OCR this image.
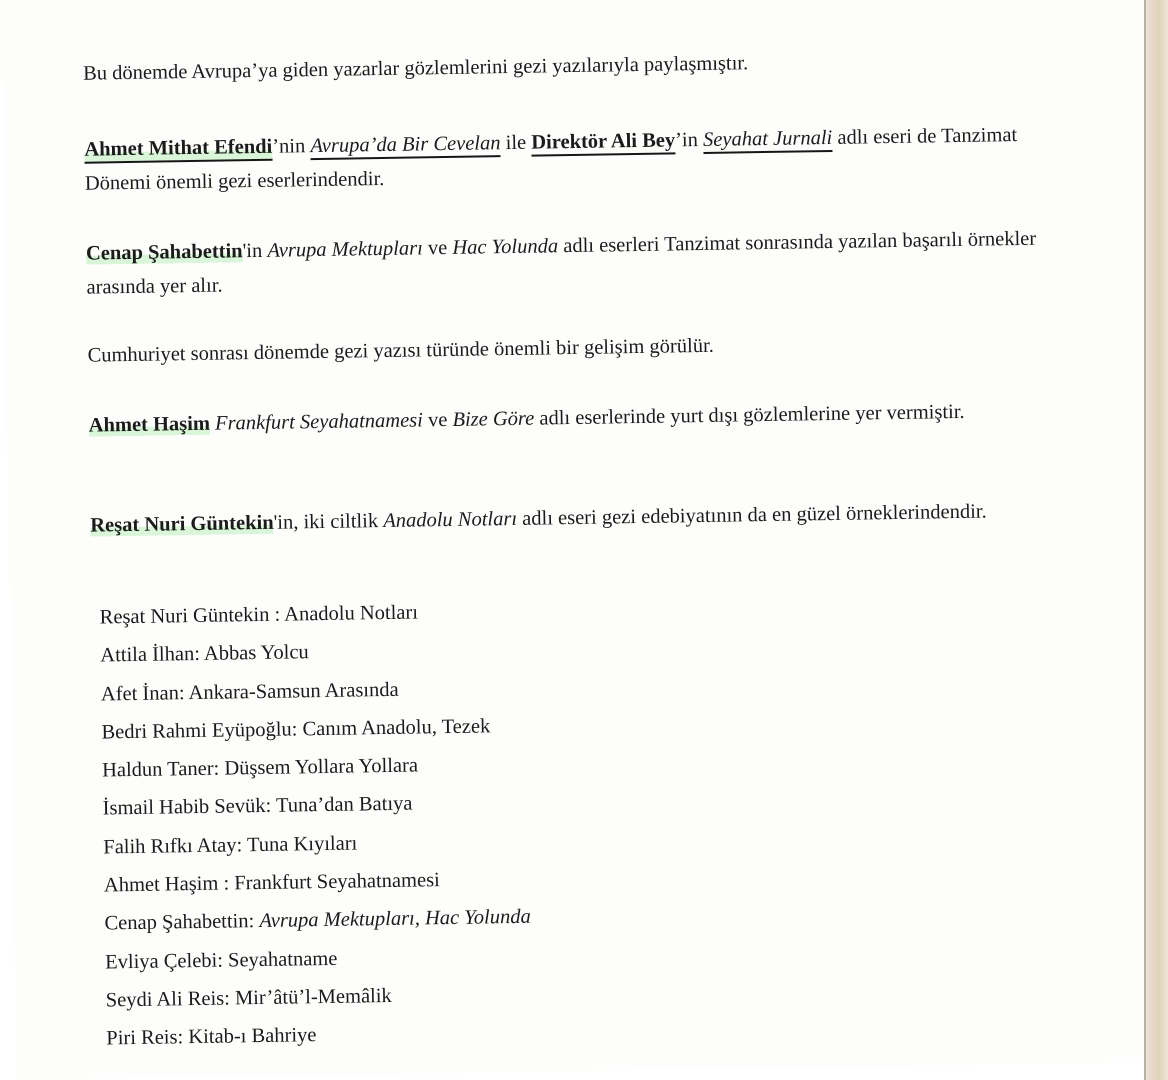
Bu dönemde Avrupa’ya giden yazarlar gözlemlerini gezi yazılarıyla paylaşmıştır.

Ahmet Mithat Efendi’nin Avrupa’da Bir Cevelan ile Direktör Ali Bey’in Seyahat Jurnali adlı eseri de Tanzimat Dönemi önemli gezi eserlerindendir.

Cenap Şahabettin'in Avrupa Mektupları ve Hac Yolunda adlı eserleri Tanzimat sonrasında yazılan başarılı örnekler arasında yer alır.

Cumhuriyet sonrası dönemde gezi yazısı türünde önemli bir gelişim görülür.

Ahmet Haşim Frankfurt Seyahatnamesi ve Bize Göre adlı eserlerinde yurt dışı gözlemlerine yer vermiştir.

Reşat Nuri Güntekin'in, iki ciltlik Anadolu Notları adlı eseri gezi edebiyatının da en güzel örneklerindendir.

Reşat Nuri Güntekin : Anadolu Notları
Attila İlhan: Abbas Yolcu
Afet İnan: Ankara-Samsun Arasında
Bedri Rahmi Eyüpoğlu: Canım Anadolu, Tezek
Haldun Taner: Düşsem Yollara Yollara
İsmail Habib Sevük: Tuna’dan Batıya
Falih Rıfkı Atay: Tuna Kıyıları
Ahmet Haşim : Frankfurt Seyahatnamesi
Cenap Şahabettin: Avrupa Mektupları, Hac Yolunda
Evliya Çelebi: Seyahatname
Seydi Ali Reis: Mir’âtü’l-Memâlik
Piri Reis: Kitab-ı Bahriye
